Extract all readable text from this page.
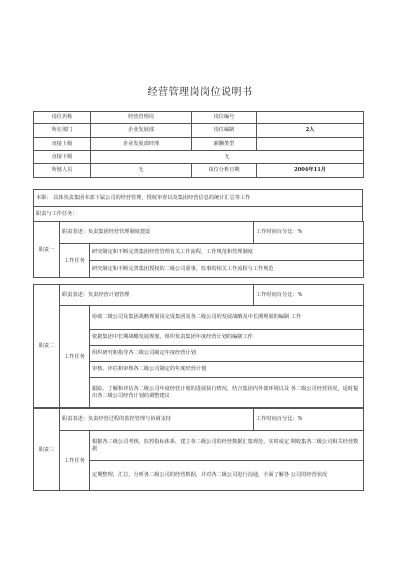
经营管理岗岗位说明书
岗位名称	经营管理岗	岗位编号	
所在部门	企业发展部	岗位编制	2人
直接上级	企业发展部经理	薪酬类型	
直接下级	无		
所辖人员	无	岗位分析日期	2004年11月
本职： 具体负责集团本部下属公司的经营管理，授权审查以及集团经营信息的统计汇总等工作
职责与工作任务：
职责一	职责表述：负责集团经营管理制度建设		工作时间百分比：%
	工作任务	研究制定和不断完善集团经营管理有关工作流程，工作规范和管理制度	
		研究制定和不断完善集团授权的二级公司重事，监事的相关工作流程与工作规范	
职责二	职责表述：负责经营计划管理		工作时间百分比：%
	工作任务	协助二级公司及集团战略规划岗完成集团及各二级公司的发展战略及中长期规划的编制 工作	
		依据集团中长期战略发展规划，组织负责集团年度经营计划的编制工作	
		组织研究和指导各二级公司制定年度经营计划	
		审核、评估和审核各二级公司制定的年度经营计划	
		跟踪、了解和评估各二级公司年度经营计划的进展执行情况，结合集团内外部环境以及 各二级公司经营状况，适时提出各二级公司经营计划的调整建议	
职责三	职责表述：负责经营过程的监控管理与协调支持		工作时间百分比：%
	工作任务	根据各二级公司考核，监控指标体系，建立各二级公司的经营数据汇集规范，实时或定 期收集各二级公司相关经营数据	
		定期整理，汇总，分析各二级公司的经营数据，并对各二级公司进行沟通，全面了解各 公司的经营状况	
